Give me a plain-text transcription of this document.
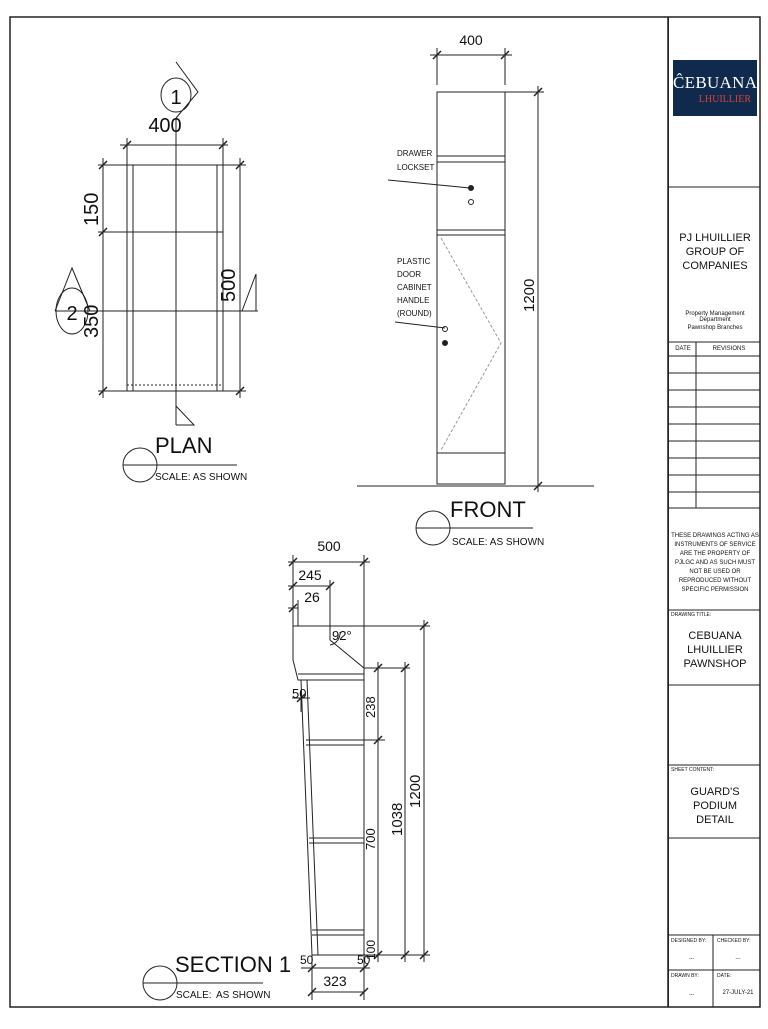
400
1
2
150
350
500
PLAN
SCALE: AS SHOWN
400
1200
DRAWER
LOCKSET
PLASTIC
DOOR
CABINET
HANDLE
(ROUND)
FRONT
SCALE: AS SHOWN
500
245
26
92°
50
238
700
1038
1200
100
50	50
323
SECTION 1
SCALE: AS SHOWN
ĈEBUANA
LHUILLIER
PJ LHUILLIER GROUP OF COMPANIES
Property Management Department
Pawnshop Branches
DATE	REVISIONS
THESE DRAWINGS ACTING AS INSTRUMENTS OF SERVICE ARE THE PROPERTY OF PJLGC AND AS SUCH MUST NOT BE USED OR REPRODUCED WITHOUT SPECIFIC PERMISSION
DRAWING TITLE:
CEBUANA LHUILLIER PAWNSHOP
SHEET CONTENT:
GUARD'S PODIUM DETAIL
DESIGNED BY:	CHECKED BY:
---	---
DRAWN BY:	DATE:
---	27-JULY-21
